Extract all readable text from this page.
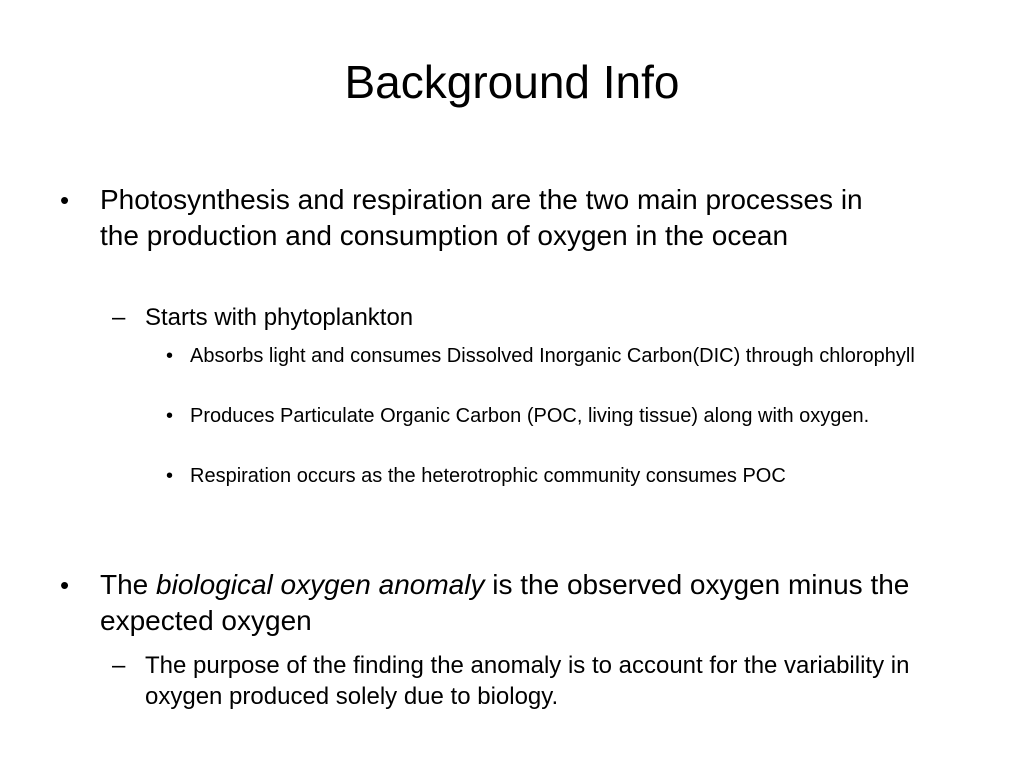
Background Info
• Photosynthesis and respiration are the two main processes in the production and consumption of oxygen in the ocean
– Starts with phytoplankton
• Absorbs light and consumes Dissolved Inorganic Carbon(DIC) through chlorophyll
• Produces Particulate Organic Carbon (POC, living tissue) along with oxygen.
• Respiration occurs as the heterotrophic community consumes POC
• The biological oxygen anomaly is the observed oxygen minus the expected oxygen
– The purpose of the finding the anomaly is to account for the variability in oxygen produced solely due to biology.
